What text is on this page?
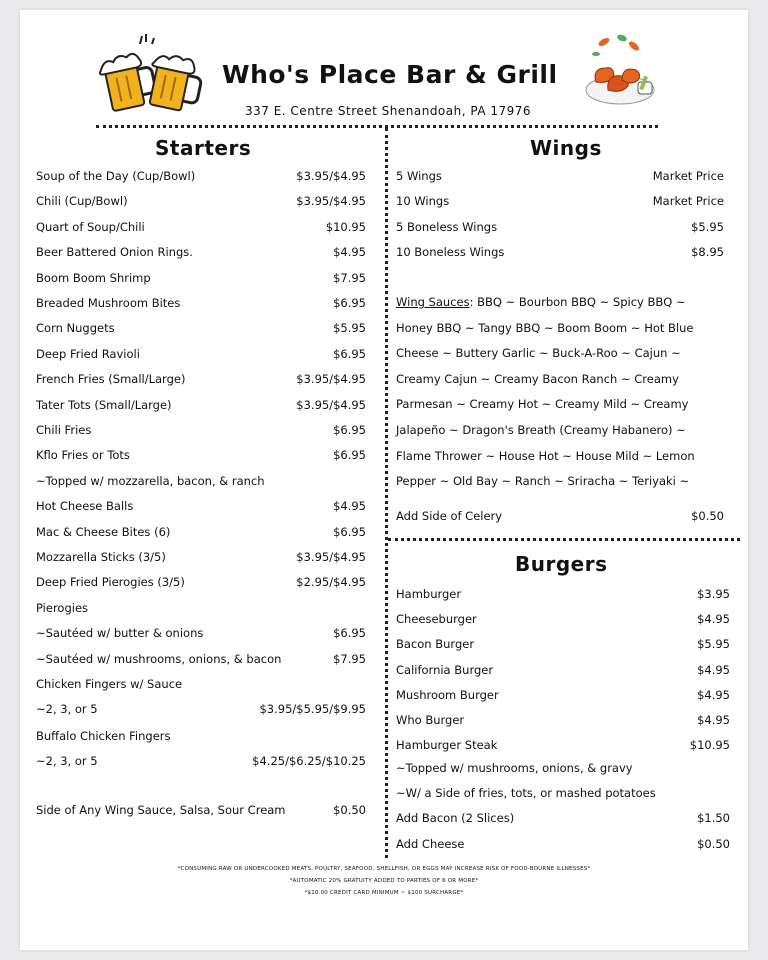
Who's Place Bar & Grill
337 E. Centre Street Shenandoah, PA 17976
Starters
Soup of the Day (Cup/Bowl)	$3.95/$4.95
Chili (Cup/Bowl)	$3.95/$4.95
Quart of Soup/Chili	$10.95
Beer Battered Onion Rings.	$4.95
Boom Boom Shrimp	$7.95
Breaded Mushroom Bites	$6.95
Corn Nuggets	$5.95
Deep Fried Ravioli	$6.95
French Fries (Small/Large)	$3.95/$4.95
Tater Tots (Small/Large)	$3.95/$4.95
Chili Fries	$6.95
Kflo Fries or Tots	$6.95
~Topped w/ mozzarella, bacon, & ranch
Hot Cheese Balls	$4.95
Mac & Cheese Bites (6)	$6.95
Mozzarella Sticks (3/5)	$3.95/$4.95
Deep Fried Pierogies (3/5)	$2.95/$4.95
Pierogies
~Sautéed w/ butter & onions	$6.95
~Sautéed w/ mushrooms, onions, & bacon	$7.95
Chicken Fingers w/ Sauce
~2, 3, or 5	$3.95/$5.95/$9.95
Buffalo Chicken Fingers
~2, 3, or 5	$4.25/$6.25/$10.25
Side of Any Wing Sauce, Salsa, Sour Cream	$0.50
Wings
5 Wings	Market Price
10 Wings	Market Price
5 Boneless Wings	$5.95
10 Boneless Wings	$8.95
Wing Sauces: BBQ ~ Bourbon BBQ ~ Spicy BBQ ~
Honey BBQ ~ Tangy BBQ ~ Boom Boom ~ Hot Blue
Cheese ~ Buttery Garlic ~ Buck-A-Roo ~ Cajun ~
Creamy Cajun ~ Creamy Bacon Ranch ~ Creamy
Parmesan ~ Creamy Hot ~ Creamy Mild ~ Creamy
Jalapeño ~ Dragon's Breath (Creamy Habanero) ~
Flame Thrower ~ House Hot ~ House Mild ~ Lemon
Pepper ~ Old Bay ~ Ranch ~ Sriracha ~ Teriyaki ~
Add Side of Celery	$0.50
Burgers
Hamburger	$3.95
Cheeseburger	$4.95
Bacon Burger	$5.95
California Burger	$4.95
Mushroom Burger	$4.95
Who Burger	$4.95
Hamburger Steak	$10.95
~Topped w/ mushrooms, onions, & gravy
~W/ a Side of fries, tots, or mashed potatoes
Add Bacon (2 Slices)	$1.50
Add Cheese	$0.50
*CONSUMING RAW OR UNDERCOOKED MEATS, POULTRY, SEAFOOD, SHELLFISH, OR EGGS MAY INCREASE RISK OF FOOD-BOURNE ILLNESSES*
*AUTOMATIC 20% GRATUITY ADDED TO PARTIES OF 6 OR MORE*
*$10.00 CREDIT CARD MINIMUM ~ $100 SURCHARGE*
